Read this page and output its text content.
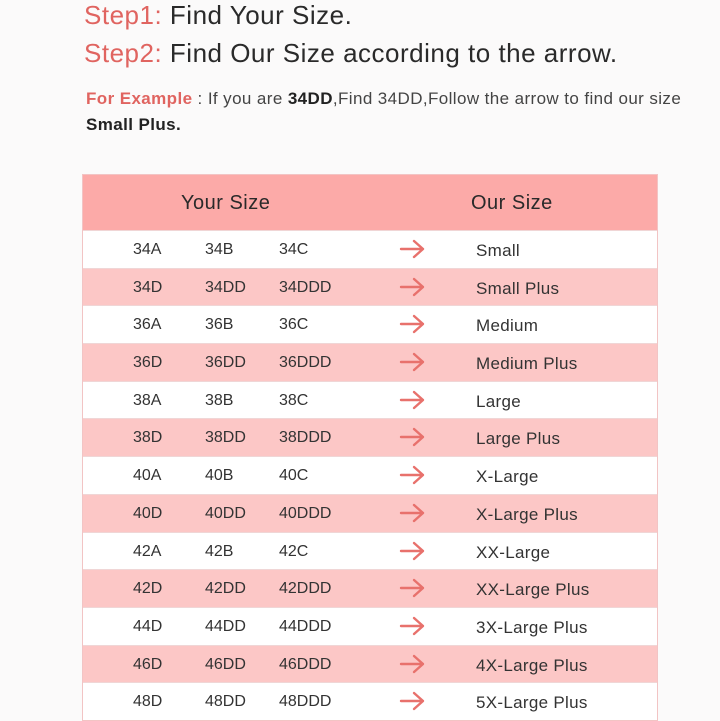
Step1: Find Your Size.
Step2: Find Our Size according to the arrow.
For Example : If you are 34DD,Find 34DD,Follow the arrow to find our size Small Plus.
Your Size	Our Size
34A	34B	34C	Small
34D	34DD 34DDD	Small Plus
36A	36B	36C	Medium
36D	36DD 36DDD	Medium Plus
38A	38B	38C	Large
38D	38DD 38DDD	Large Plus
40A	40B	40C	X-Large
40D	40DD 40DDD	X-Large Plus
42A	42B	42C	XX-Large
42D	42DD 42DDD	XX-Large Plus
44D	44DD 44DDD	3X-Large Plus
46D	46DD 46DDD	4X-Large Plus
48D	48DD 48DDD	5X-Large Plus
